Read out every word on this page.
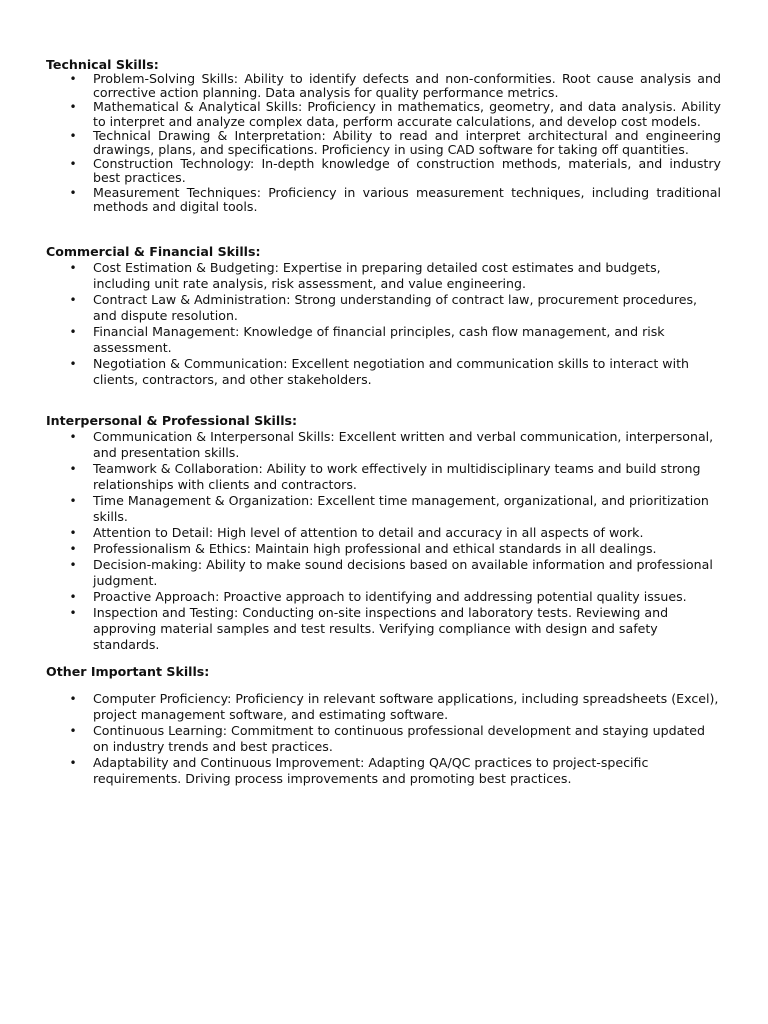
Technical Skills:
• Problem-Solving Skills: Ability to identify defects and non-conformities. Root cause analysis and corrective action planning. Data analysis for quality performance metrics.
• Mathematical & Analytical Skills: Proficiency in mathematics, geometry, and data analysis. Ability to interpret and analyze complex data, perform accurate calculations, and develop cost models.
• Technical Drawing & Interpretation: Ability to read and interpret architectural and engineering drawings, plans, and specifications. Proficiency in using CAD software for taking off quantities.
• Construction Technology: In-depth knowledge of construction methods, materials, and industry best practices.
• Measurement Techniques: Proficiency in various measurement techniques, including traditional methods and digital tools.
Commercial & Financial Skills:
• Cost Estimation & Budgeting: Expertise in preparing detailed cost estimates and budgets, including unit rate analysis, risk assessment, and value engineering.
• Contract Law & Administration: Strong understanding of contract law, procurement procedures, and dispute resolution.
• Financial Management: Knowledge of financial principles, cash flow management, and risk assessment.
• Negotiation & Communication: Excellent negotiation and communication skills to interact with clients, contractors, and other stakeholders.
Interpersonal & Professional Skills:
• Communication & Interpersonal Skills: Excellent written and verbal communication, interpersonal, and presentation skills.
• Teamwork & Collaboration: Ability to work effectively in multidisciplinary teams and build strong relationships with clients and contractors.
• Time Management & Organization: Excellent time management, organizational, and prioritization skills.
• Attention to Detail: High level of attention to detail and accuracy in all aspects of work.
• Professionalism & Ethics: Maintain high professional and ethical standards in all dealings.
• Decision-making: Ability to make sound decisions based on available information and professional judgment.
• Proactive Approach: Proactive approach to identifying and addressing potential quality issues.
• Inspection and Testing: Conducting on-site inspections and laboratory tests. Reviewing and approving material samples and test results. Verifying compliance with design and safety standards.
Other Important Skills:
• Computer Proficiency: Proficiency in relevant software applications, including spreadsheets (Excel), project management software, and estimating software.
• Continuous Learning: Commitment to continuous professional development and staying updated on industry trends and best practices.
• Adaptability and Continuous Improvement: Adapting QA/QC practices to project-specific requirements. Driving process improvements and promoting best practices.
